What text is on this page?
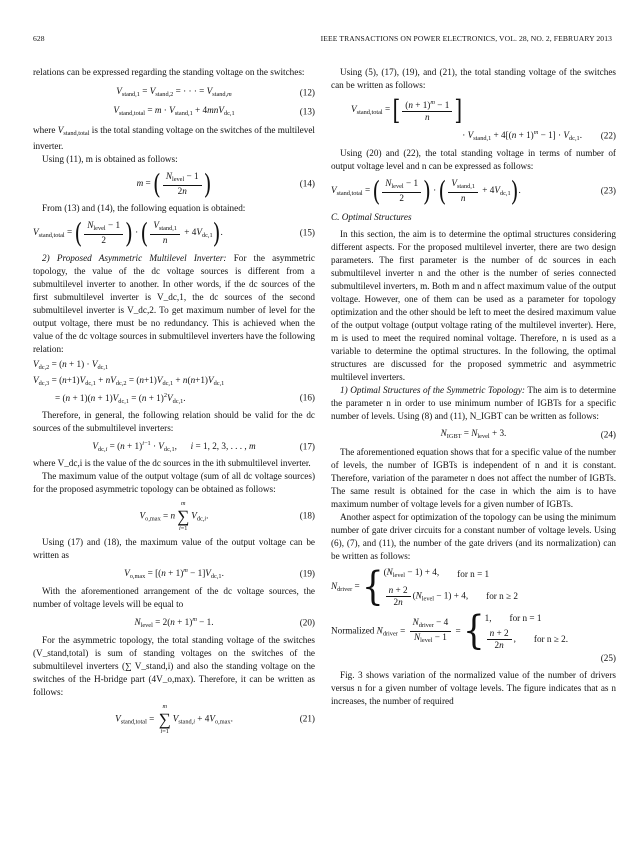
628	IEEE TRANSACTIONS ON POWER ELECTRONICS, VOL. 28, NO. 2, FEBRUARY 2013

relations can be expressed regarding the standing voltage on the switches:

$V_{stand,1} = V_{stand,2}$ = · · · = $V_{stand,m}$	(12)
$V_{stand,total} = m \cdot V_{stand,1} + 4mnV_{dc,1}$	(13)

where $V_{stand,total}$ is the total standing voltage on the switches of the multilevel inverter.

Using (11), m is obtained as follows:

m = ( $\frac{N_{level} - 1}{2n}$ )	(14)

From (13) and (14), the following equation is obtained:

$V_{stand,total}$ = ( $\frac{N_{level} - 1}{2}$ ) · ( $\frac{V_{stand,1}}{n} + 4V_{dc,1}$).	(15)

2) Proposed Asymmetric Multilevel Inverter: For the asymmetric topology, the value of the dc voltage sources is different from a submultilevel inverter to another. In other words, if the dc sources of the first submultilevel inverter is V_dc,1, the dc sources of the second submultilevel inverter is V_dc,2. To get maximum number of level for the output voltage, there must be no redundancy. This is achieved when the value of the dc voltage sources in submultilevel inverters have the following relation:

$V_{dc,2} = (n + 1) \cdot V_{dc,1}$
$V_{dc,3} = (n+1)V_{dc,1} + nV_{dc,2} = (n+1)V_{dc,1} + n(n+1)V_{dc,1}$
= $(n + 1)(n + 1)V_{dc,1} = (n + 1)^2V_{dc,1}$.	(16)

Therefore, in general, the following relation should be valid for the dc sources of the submultilevel inverters:

$V_{dc,i} = (n + 1)^{i-1} \cdot V_{dc,1}$,      i = 1, 2, 3, . . . , m	(17)

where V_dc,i is the value of the dc sources in the ith submultilevel inverter.

The maximum value of the output voltage (sum of all dc voltage sources) for the proposed asymmetric topology can be obtained as follows:

$V_{o,max} = n$
m
∑
i=1
$V_{dc,i}$.	(18)

Using (17) and (18), the maximum value of the output voltage can be written as

$V_{o,max} = [(n + 1)^m - 1]V_{dc,1}$.	(19)

With the aforementioned arrangement of the dc voltage sources, the number of voltage levels will be equal to

$N_{level} = 2(n + 1)^m - 1$.	(20)

For the asymmetric topology, the total standing voltage of the switches (V_stand,total) is sum of standing voltages on the switches of the submultilevel inverters (∑ V_stand,i) and also the standing voltage on the switches of the H-bridge part (4V_o,max). Therefore, it can be written as follows:

$V_{stand,total}$ =
m
∑
i=1
$V_{stand,i} + 4V_{o,max}$.	(21)

Using (5), (17), (19), and (21), the total standing voltage of the switches can be written as follows:

$V_{stand,total}$ = [ $\frac{(n + 1)^m - 1}{n}$ ]
· $V_{stand,1} + 4[(n + 1)^m - 1] \cdot V_{dc,1}$. (22)

Using (20) and (22), the total standing voltage in terms of number of output voltage level and n can be expressed as follows:

$V_{stand,total}$ = ( $\frac{N_{level} - 1}{2}$ ) · ( $\frac{V_{stand,1}}{n} + 4V_{dc,1}$).	(23)

C. Optimal Structures

In this section, the aim is to determine the optimal structures considering different aspects. For the proposed multilevel inverter, there are two design parameters. The first parameter is the number of dc sources in each submultilevel inverter n and the other is the number of series connected submultilevel inverters, m. Both m and n affect maximum value of the output voltage. However, one of them can be used as a parameter for topology optimization and the other should be left to meet the desired maximum value of the output voltage (output voltage rating of the multilevel inverter). Here, m is used to meet the required nominal voltage. Therefore, n is used as a variable to determine the optimal structures. In the following, the optimal structures are discussed for the proposed symmetric and asymmetric multilevel inverters.

1) Optimal Structures of the Symmetric Topology: The aim is to determine the parameter n in order to use minimum number of IGBTs for a specific number of levels. Using (8) and (11), N_IGBT can be written as follows:

$N_{IGBT} = N_{level} + 3$.	(24)

The aforementioned equation shows that for a specific value of the number of levels, the number of IGBTs is independent of n and it is constant. Therefore, variation of the parameter n does not affect the number of IGBTs. The same result is obtained for the case in which the aim is to have maximum number of voltage levels for a given number of IGBTs.

Another aspect for optimization of the topology can be using the minimum number of gate driver circuits for a constant number of voltage levels. Using (6), (7), and (11), the number of the gate drivers (and its normalization) can be written as follows:

$N_{driver}$ = { $(N_{level} - 1) + 4$, for n = 1
$\frac{n + 2}{2n} (N_{level} - 1) + 4$, for n ≥ 2
Normalized $N_{driver} = \frac{N_{driver} - 4}{N_{level} - 1}$ = { 1, for n = 1
$\frac{n + 2}{2n}$ , for n ≥ 2.
(25)

Fig. 3 shows variation of the normalized value of the number of drivers versus n for a given number of voltage levels. The figure indicates that as n increases, the number of required
